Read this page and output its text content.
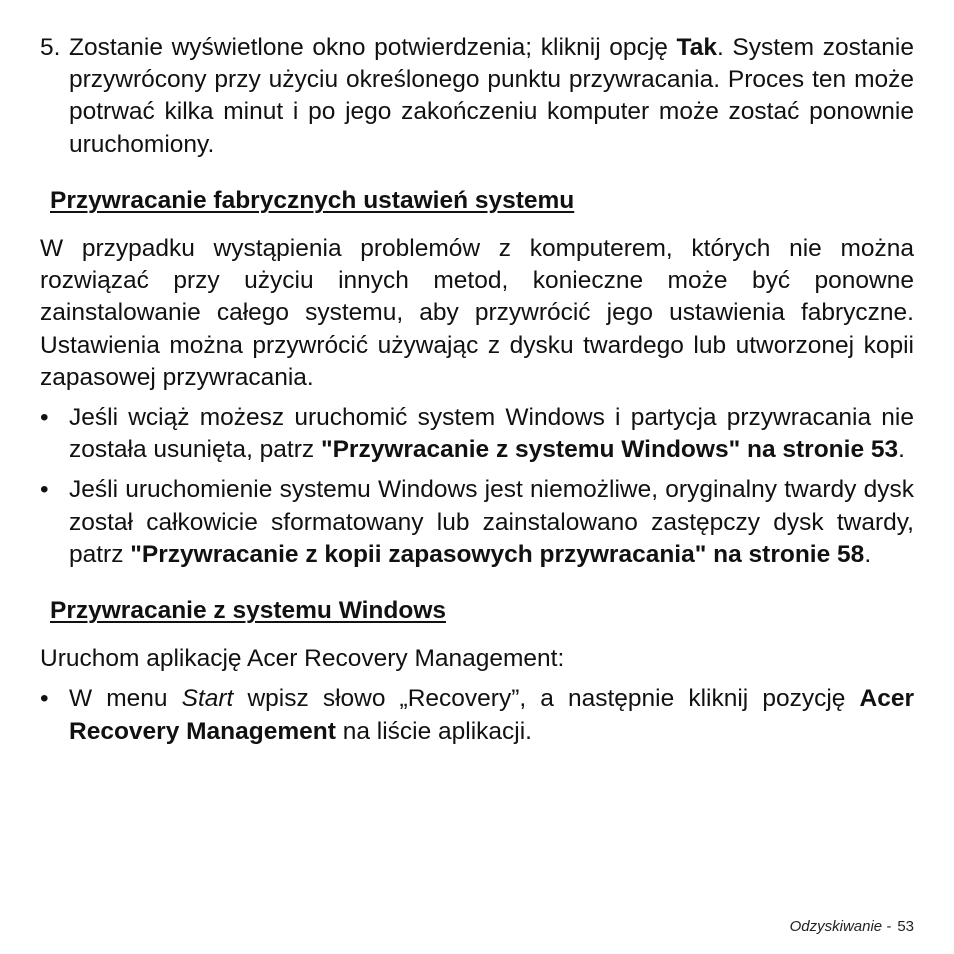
5. Zostanie wyświetlone okno potwierdzenia; kliknij opcję Tak. System zostanie przywrócony przy użyciu określonego punktu przywracania. Proces ten może potrwać kilka minut i po jego zakończeniu komputer może zostać ponownie uruchomiony.
Przywracanie fabrycznych ustawień systemu
W przypadku wystąpienia problemów z komputerem, których nie można rozwiązać przy użyciu innych metod, konieczne może być ponowne zainstalowanie całego systemu, aby przywrócić jego ustawienia fabryczne. Ustawienia można przywrócić używając z dysku twardego lub utworzonej kopii zapasowej przywracania.
• Jeśli wciąż możesz uruchomić system Windows i partycja przywracania nie została usunięta, patrz "Przywracanie z systemu Windows" na stronie 53.
• Jeśli uruchomienie systemu Windows jest niemożliwe, oryginalny twardy dysk został całkowicie sformatowany lub zainstalowano zastępczy dysk twardy, patrz "Przywracanie z kopii zapasowych przywracania" na stronie 58.
Przywracanie z systemu Windows
Uruchom aplikację Acer Recovery Management:
• W menu Start wpisz słowo „Recovery”, a następnie kliknij pozycję Acer Recovery Management na liście aplikacji.
Odzyskiwanie - 53
